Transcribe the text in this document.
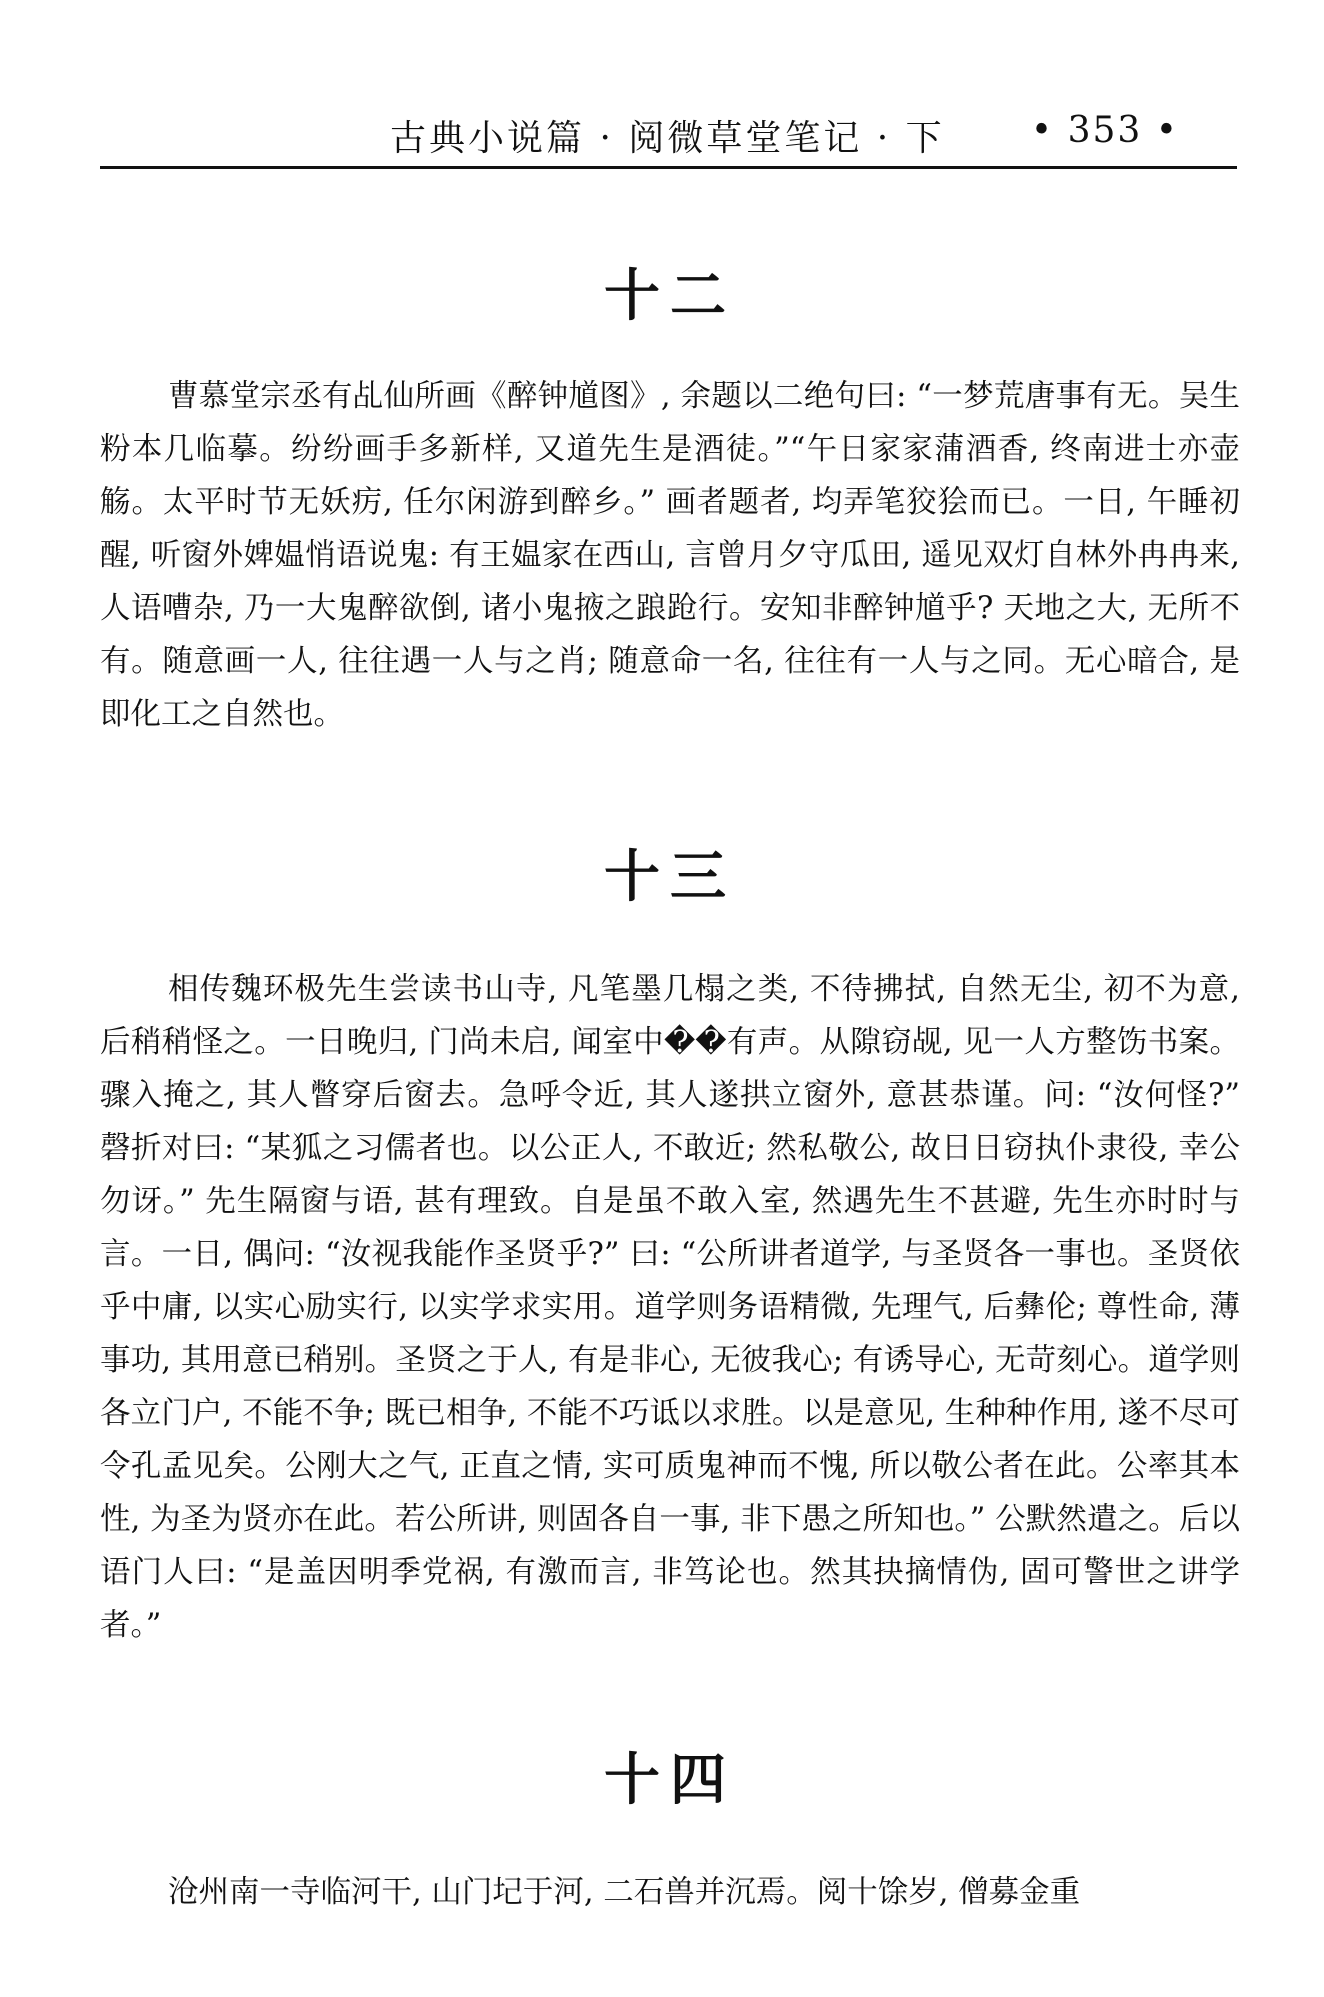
古典小说篇 · 阅微草堂笔记 · 下 • 353 •
十二

曹慕堂宗丞有乩仙所画《醉钟馗图》, 余题以二绝句曰: “一梦荒唐事有无。吴生粉本几临摹。纷纷画手多新样, 又道先生是酒徒。”“午日家家蒲酒香, 终南进士亦壶觞。太平时节无妖疠, 任尔闲游到醉乡。” 画者题者, 均弄笔狡狯而已。一日, 午睡初醒, 听窗外婢媪悄语说鬼: 有王媪家在西山, 言曾月夕守瓜田, 遥见双灯自林外冉冉来, 人语嘈杂, 乃一大鬼醉欲倒, 诸小鬼掖之踉跄行。安知非醉钟馗乎? 天地之大, 无所不有。随意画一人, 往往遇一人与之肖; 随意命一名, 往往有一人与之同。无心暗合, 是即化工之自然也。

十三

相传魏环极先生尝读书山寺, 凡笔墨几榻之类, 不待拂拭, 自然无尘, 初不为意, 后稍稍怪之。一日晚归, 门尚未启, 闻室中��有声。从隙窃觇, 见一人方整饬书案。骤入掩之, 其人瞥穿后窗去。急呼令近, 其人遂拱立窗外, 意甚恭谨。问: “汝何怪?” 磬折对曰: “某狐之习儒者也。以公正人, 不敢近; 然私敬公, 故日日窃执仆隶役, 幸公勿讶。” 先生隔窗与语, 甚有理致。自是虽不敢入室, 然遇先生不甚避, 先生亦时时与言。一日, 偶问: “汝视我能作圣贤乎?” 曰: “公所讲者道学, 与圣贤各一事也。圣贤依乎中庸, 以实心励实行, 以实学求实用。道学则务语精微, 先理气, 后彝伦; 尊性命, 薄事功, 其用意已稍别。圣贤之于人, 有是非心, 无彼我心; 有诱导心, 无苛刻心。道学则各立门户, 不能不争; 既已相争, 不能不巧诋以求胜。以是意见, 生种种作用, 遂不尽可令孔孟见矣。公刚大之气, 正直之情, 实可质鬼神而不愧, 所以敬公者在此。公率其本性, 为圣为贤亦在此。若公所讲, 则固各自一事, 非下愚之所知也。” 公默然遣之。后以语门人曰: “是盖因明季党祸, 有激而言, 非笃论也。然其抉摘情伪, 固可警世之讲学者。”

十四

沧州南一寺临河干, 山门圮于河, 二石兽并沉焉。阅十馀岁, 僧募金重
